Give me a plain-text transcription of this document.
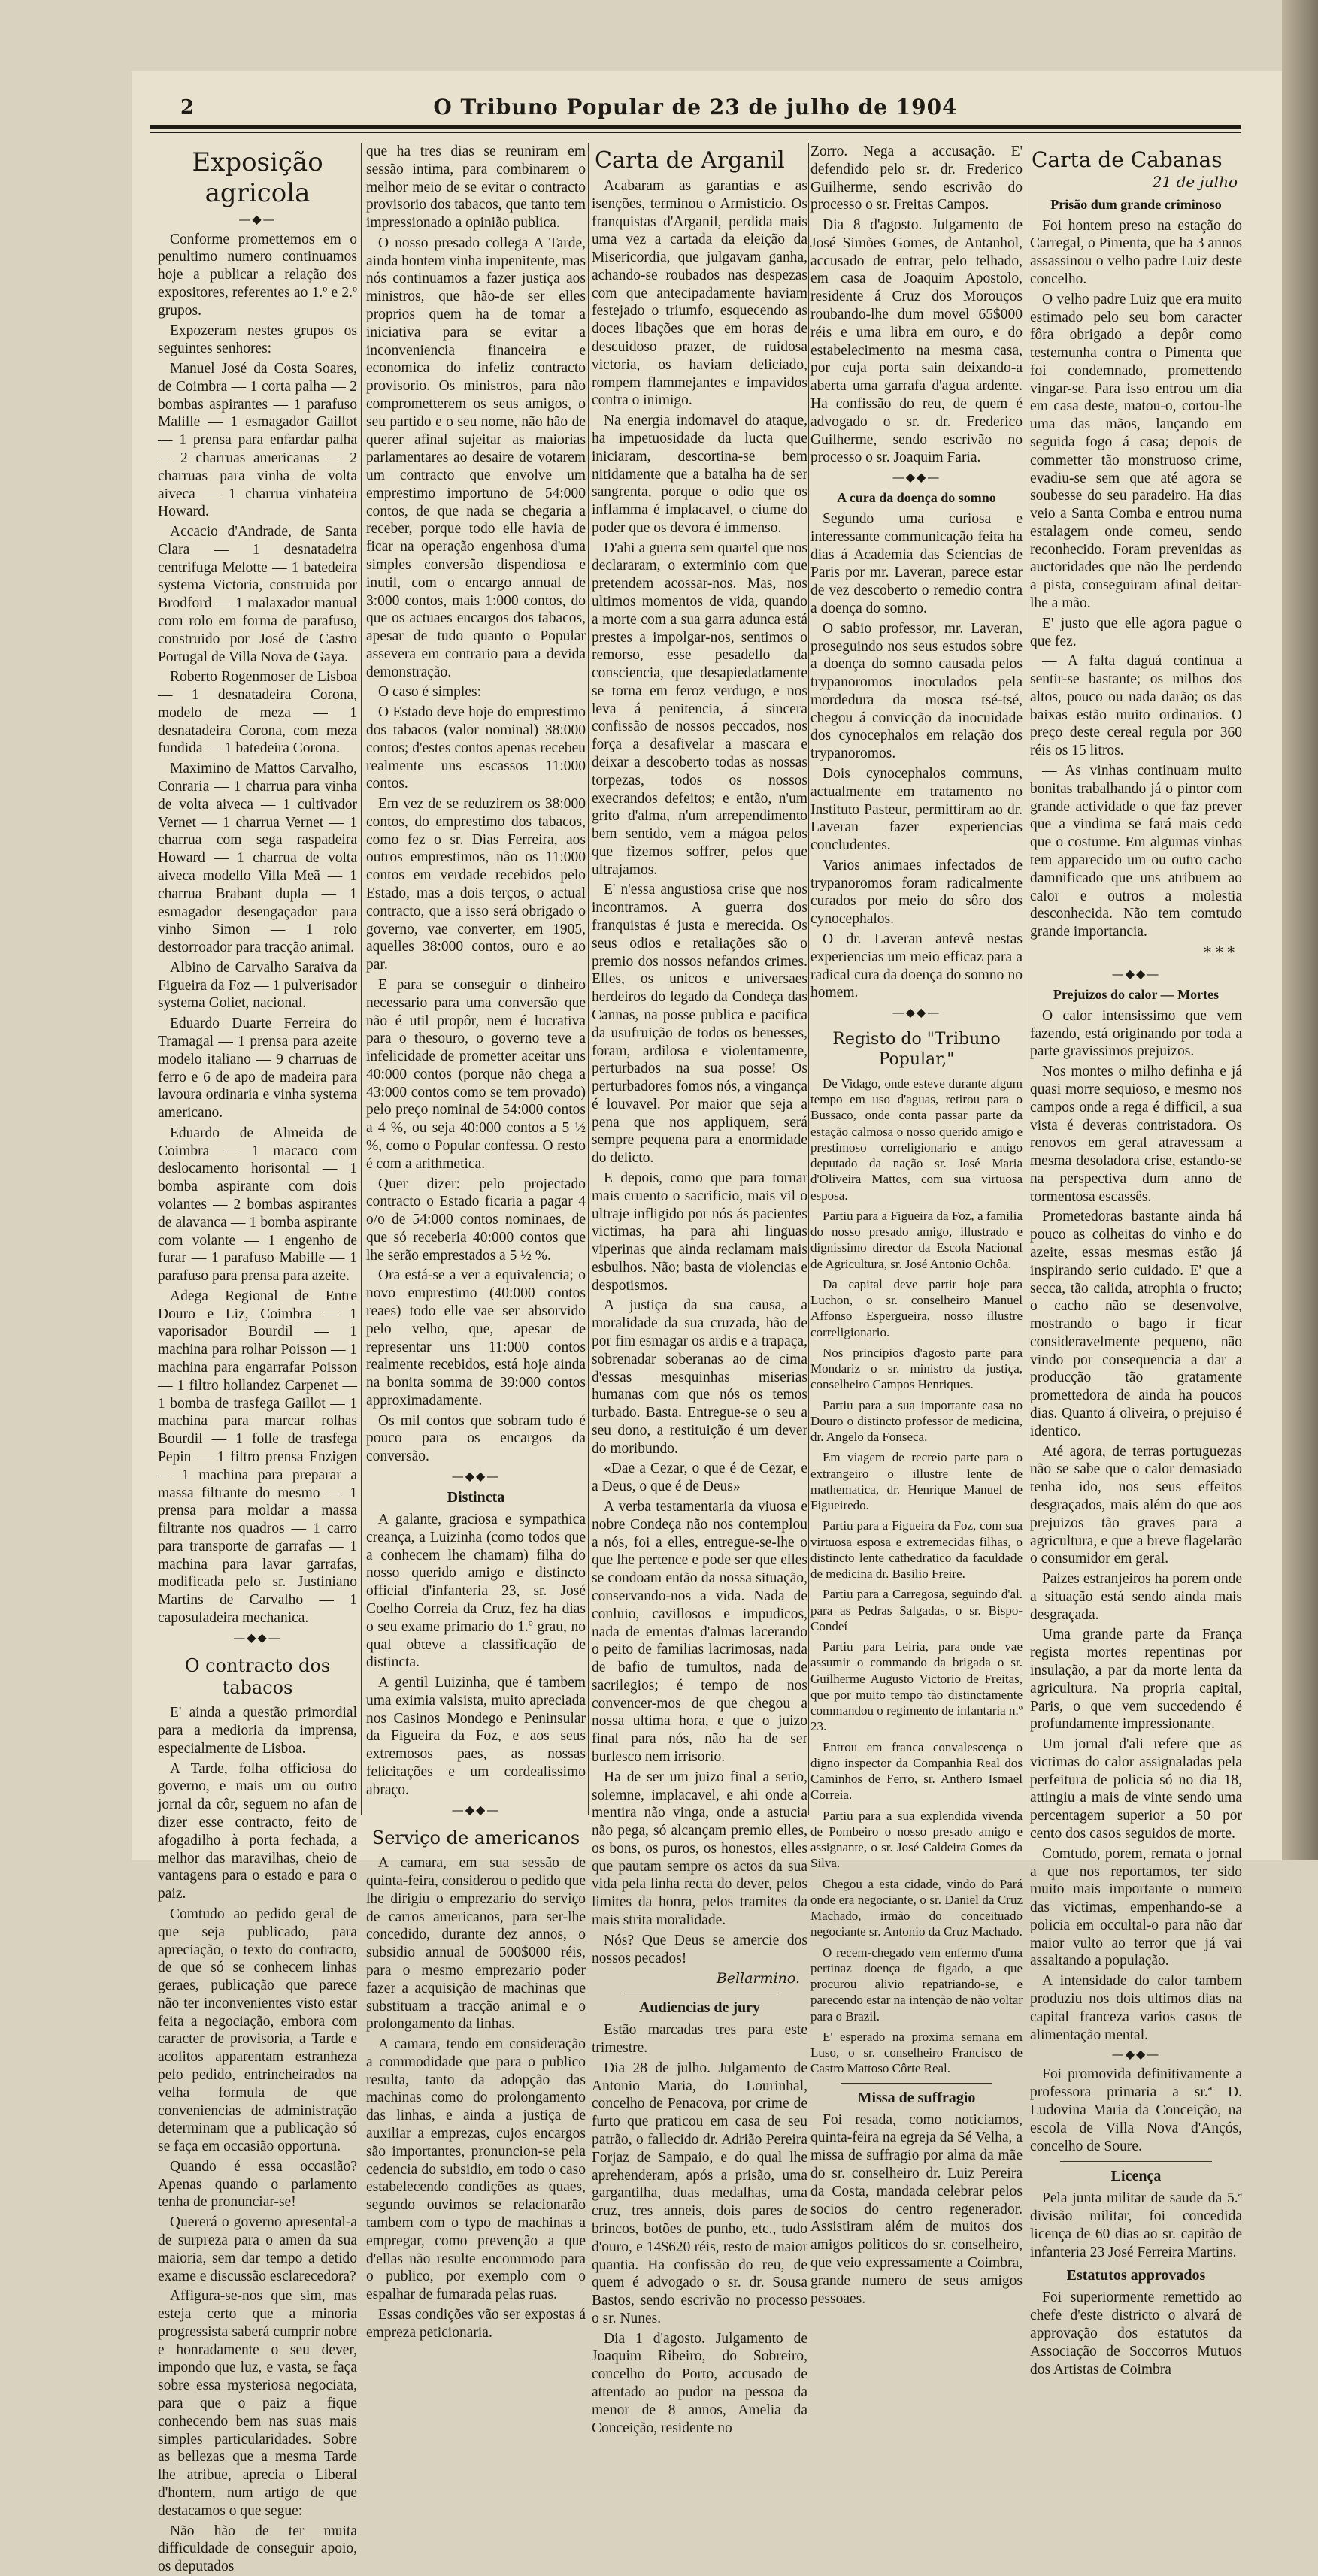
2	O Tribuno Popular de 23 de julho de 1904
Exposição agricola
—◆—

Conforme promettemos em o penultimo numero continuamos hoje a publicar a relação dos expositores, referentes ao 1.º e 2.º grupos.

Expozeram nestes grupos os seguintes senhores:

Manuel José da Costa Soares, de Coimbra — 1 corta palha — 2 bombas aspirantes — 1 parafuso Malille — 1 esmagador Gaillot — 1 prensa para enfardar palha — 2 charruas americanas — 2 charruas para vinha de volta aiveca — 1 charrua vinhateira Howard.

Accacio d'Andrade, de Santa Clara — 1 desnatadeira centrifuga Melotte — 1 batedeira systema Victoria, construida por Brodford — 1 malaxador manual com rolo em forma de parafuso, construido por José de Castro Portugal de Villa Nova de Gaya.

Roberto Rogenmoser de Lisboa — 1 desnatadeira Corona, modelo de meza — 1 desnatadeira Corona, com meza fundida — 1 batedeira Corona.

Maximino de Mattos Carvalho, Conraria — 1 charrua para vinha de volta aiveca — 1 cultivador Vernet — 1 charrua Vernet — 1 charrua com sega raspadeira Howard — 1 charrua de volta aiveca modello Villa Meã — 1 charrua Brabant dupla — 1 esmagador desengaçador para vinho Simon — 1 rolo destorroador para tracção animal.

Albino de Carvalho Saraiva da Figueira da Foz — 1 pulverisador systema Goliet, nacional.

Eduardo Duarte Ferreira do Tramagal — 1 prensa para azeite modelo italiano — 9 charruas de ferro e 6 de apo de madeira para lavoura ordinaria e vinha systema americano.

Eduardo de Almeida de Coimbra — 1 macaco com deslocamento horisontal — 1 bomba aspirante com dois volantes — 2 bombas aspirantes de alavanca — 1 bomba aspirante com volante — 1 engenho de furar — 1 parafuso Mabille — 1 parafuso para prensa para azeite.

Adega Regional de Entre Douro e Liz, Coimbra — 1 vaporisador Bourdil — 1 machina para rolhar Poisson — 1 machina para engarrafar Poisson — 1 filtro hollandez Carpenet — 1 bomba de trasfega Gaillot — 1 machina para marcar rolhas Bourdil — 1 folle de trasfega Pepin — 1 filtro prensa Enzigen — 1 machina para preparar a massa filtrante do mesmo — 1 prensa para moldar a massa filtrante nos quadros — 1 carro para transporte de garrafas — 1 machina para lavar garrafas, modificada pelo sr. Justiniano Martins de Carvalho — 1 caposuladeira mechanica.

—◆◆—
O contracto dos tabacos

E' ainda a questão primordial para a medioria da imprensa, especialmente de Lisboa.

A Tarde, folha officiosa do governo, e mais um ou outro jornal da côr, seguem no afan de dizer esse contracto, feito de afogadilho à porta fechada, a melhor das maravilhas, cheio de vantagens para o estado e para o paiz.

Comtudo ao pedido geral de que seja publicado, para apreciação, o texto do contracto, de que só se conhecem linhas geraes, publicação que parece não ter inconvenientes visto estar feita a negociação, embora com caracter de provisoria, a Tarde e acolitos apparentam estranheza pelo pedido, entrincheirados na velha formula de que conveniencias de administração determinam que a publicação só se faça em occasião opportuna.

Quando é essa occasião? Apenas quando o parlamento tenha de pronunciar-se!

Quererá o governo apresental-a de surpreza para o amen da sua maioria, sem dar tempo a detido exame e discussão esclarecedora?

Affigura-se-nos que sim, mas esteja certo que a minoria progressista saberá cumprir nobre e honradamente o seu dever, impondo que luz, e vasta, se faça sobre essa mysteriosa negociata, para que o paiz a fique conhecendo bem nas suas mais simples particularidades. Sobre as bellezas que a mesma Tarde lhe atribue, aprecia o Liberal d'hontem, num artigo de que destacamos o que segue:

Não hão de ter muita difficuldade de conseguir apoio, os deputados

que ha tres dias se reuniram em sessão intima, para combinarem o melhor meio de se evitar o contracto provisorio dos tabacos, que tanto tem impressionado a opinião publica.

O nosso presado collega A Tarde, ainda hontem vinha impenitente, mas nós continuamos a fazer justiça aos ministros, que hão-de ser elles proprios quem ha de tomar a iniciativa para se evitar a inconveniencia financeira e economica do infeliz contracto provisorio. Os ministros, para não comprometterem os seus amigos, o seu partido e o seu nome, não hão de querer afinal sujeitar as maiorias parlamentares ao desaire de votarem um contracto que envolve um emprestimo importuno de 54:000 contos, de que nada se chegaria a receber, porque todo elle havia de ficar na operação engenhosa d'uma simples conversão dispendiosa e inutil, com o encargo annual de 3:000 contos, mais 1:000 contos, do que os actuaes encargos dos tabacos, apesar de tudo quanto o Popular assevera em contrario para a devida demonstração.

O caso é simples:

O Estado deve hoje do emprestimo dos tabacos (valor nominal) 38:000 contos; d'estes contos apenas recebeu realmente uns escassos 11:000 contos.

Em vez de se reduzirem os 38:000 contos, do emprestimo dos tabacos, como fez o sr. Dias Ferreira, aos outros emprestimos, não os 11:000 contos em verdade recebidos pelo Estado, mas a dois terços, o actual contracto, que a isso será obrigado o governo, vae converter, em 1905, aquelles 38:000 contos, ouro e ao par.

E para se conseguir o dinheiro necessario para uma conversão que não é util propôr, nem é lucrativa para o thesouro, o governo teve a infelicidade de prometter aceitar uns 40:000 contos (porque não chega a 43:000 contos como se tem provado) pelo preço nominal de 54:000 contos a 4 %, ou seja 40:000 contos a 5 ½ %, como o Popular confessa. O resto é com a arithmetica.

Quer dizer: pelo projectado contracto o Estado ficaria a pagar 4 o/o de 54:000 contos nominaes, de que só receberia 40:000 contos que lhe serão emprestados a 5 ½ %.

Ora está-se a ver a equivalencia; o novo emprestimo (40:000 contos reaes) todo elle vae ser absorvido pelo velho, que, apesar de representar uns 11:000 contos realmente recebidos, está hoje ainda na bonita somma de 39:000 contos approximadamente.

Os mil contos que sobram tudo é pouco para os encargos da conversão.

—◆◆—
Distincta

A galante, graciosa e sympathica creança, a Luizinha (como todos que a conhecem lhe chamam) filha do nosso querido amigo e distincto official d'infanteria 23, sr. José Coelho Correia da Cruz, fez ha dias o seu exame primario do 1.º grau, no qual obteve a classificação de distincta.

A gentil Luizinha, que é tambem uma eximia valsista, muito apreciada nos Casinos Mondego e Peninsular da Figueira da Foz, e aos seus extremosos paes, as nossas felicitações e um cordealissimo abraço.

—◆◆—
Serviço de americanos

A camara, em sua sessão de quinta-feira, considerou o pedido que lhe dirigiu o emprezario do serviço de carros americanos, para ser-lhe concedido, durante dez annos, o subsidio annual de 500$000 réis, para o mesmo emprezario poder fazer a acquisição de machinas que substituam a tracção animal e o prolongamento da linhas.

A camara, tendo em consideração a commodidade que para o publico resulta, tanto da adopção das machinas como do prolongamento das linhas, e ainda a justiça de auxiliar a emprezas, cujos encargos são importantes, pronuncion-se pela cedencia do subsidio, em todo o caso estabelecendo condições as quaes, segundo ouvimos se relacionarão tambem com o typo de machinas a empregar, como prevenção a que d'ellas não resulte encommodo para o publico, por exemplo com o espalhar de fumarada pelas ruas.

Essas condições vão ser expostas á empreza peticionaria.

Carta de Arganil

Acabaram as garantias e as isenções, terminou o Armisticio. Os franquistas d'Arganil, perdida mais uma vez a cartada da eleição da Misericordia, que julgavam ganha, achando-se roubados nas despezas com que antecipadamente haviam festejado o triumfo, esquecendo as doces libações que em horas de descuidoso prazer, de ruidosa victoria, os haviam deliciado, rompem flammejantes e impavidos contra o inimigo.

Na energia indomavel do ataque, ha impetuosidade da lucta que iniciaram, descortina-se bem nitidamente que a batalha ha de ser sangrenta, porque o odio que os inflamma é implacavel, o ciume do poder que os devora é immenso.

D'ahi a guerra sem quartel que nos declararam, o exterminio com que pretendem acossar-nos. Mas, nos ultimos momentos de vida, quando a morte com a sua garra adunca está prestes a impolgar-nos, sentimos o remorso, esse pesadello da consciencia, que desapiedadamente se torna em feroz verdugo, e nos leva á penitencia, á sincera confissão de nossos peccados, nos força a desafivelar a mascara e deixar a descoberto todas as nossas torpezas, todos os nossos execrandos defeitos; e então, n'um grito d'alma, n'um arrependimento bem sentido, vem a mágoa pelos que fizemos soffrer, pelos que ultrajamos.

E' n'essa angustiosa crise que nos incontramos. A guerra dos franquistas é justa e merecida. Os seus odios e retaliações são o premio dos nossos nefandos crimes. Elles, os unicos e universaes herdeiros do legado da Condeça das Cannas, na posse publica e pacifica da usufruição de todos os benesses, foram, ardilosa e violentamente, perturbados na sua posse! Os perturbadores fomos nós, a vingança é louvavel. Por maior que seja a pena que nos appliquem, será sempre pequena para a enormidade do delicto.

E depois, como que para tornar mais cruento o sacrificio, mais vil o ultraje infligido por nós ás pacientes victimas, ha para ahi linguas viperinas que ainda reclamam mais esbulhos. Não; basta de violencias e despotismos.

A justiça da sua causa, a moralidade da sua cruzada, hão de por fim esmagar os ardis e a trapaça, sobrenadar soberanas ao de cima d'essas mesquinhas miserias humanas com que nós os temos turbado. Basta. Entregue-se o seu a seu dono, a restituição é um dever do moribundo.

«Dae a Cezar, o que é de Cezar, e a Deus, o que é de Deus»

A verba testamentaria da viuosa e nobre Condeça não nos contemplou a nós, foi a elles, entregue-se-lhe o que lhe pertence e pode ser que elles se condoam então da nossa situação, conservando-nos a vida. Nada de conluio, cavillosos e impudicos, nada de ementas d'almas lacerando o peito de familias lacrimosas, nada de bafio de tumultos, nada de sacrilegios; é tempo de nos convencer-mos de que chegou a nossa ultima hora, e que o juizo final para nós, não ha de ser burlesco nem irrisorio.

Ha de ser um juizo final a serio, solemne, implacavel, e ahi onde a mentira não vinga, onde a astucia não pega, só alcançam premio elles, os bons, os puros, os honestos, elles que pautam sempre os actos da sua vida pela linha recta do dever, pelos limites da honra, pelos tramites da mais strita moralidade.

Nós? Que Deus se amercie dos nossos pecados!

Bellarmino.
Audiencias de jury

Estão marcadas tres para este trimestre.

Dia 28 de julho. Julgamento de Antonio Maria, do Lourinhal, concelho de Penacova, por crime de furto que praticou em casa de seu patrão, o fallecido dr. Adrião Pereira Forjaz de Sampaio, e do qual lhe aprehenderam, após a prisão, uma gargantilha, duas medalhas, uma cruz, tres anneis, dois pares de brincos, botões de punho, etc., tudo d'ouro, e 14$620 réis, resto de maior quantia. Ha confissão do reu, de quem é advogado o sr. dr. Sousa Bastos, sendo escrivão no processo o sr. Nunes.

Dia 1 d'agosto. Julgamento de Joaquim Ribeiro, do Sobreiro, concelho do Porto, accusado de attentado ao pudor na pessoa da menor de 8 annos, Amelia da Conceição, residente no

Zorro. Nega a accusação. E' defendido pelo sr. dr. Frederico Guilherme, sendo escrivão do processo o sr. Freitas Campos.

Dia 8 d'agosto. Julgamento de José Simões Gomes, de Antanhol, accusado de entrar, pelo telhado, em casa de Joaquim Apostolo, residente á Cruz dos Morouços roubando-lhe dum movel 65$000 réis e uma libra em ouro, e do estabelecimento na mesma casa, por cuja porta sain deixando-a aberta uma garrafa d'agua ardente. Ha confissão do reu, de quem é advogado o sr. dr. Frederico Guilherme, sendo escrivão no processo o sr. Joaquim Faria.

—◆◆—
A cura da doença do somno

Segundo uma curiosa e interessante communicação feita ha dias á Academia das Sciencias de Paris por mr. Laveran, parece estar de vez descoberto o remedio contra a doença do somno.

O sabio professor, mr. Laveran, proseguindo nos seus estudos sobre a doença do somno causada pelos trypanoromos inoculados pela mordedura da mosca tsé-tsé, chegou á convicção da inocuidade dos cynocephalos em relação dos trypanoromos.

Dois cynocephalos communs, actualmente em tratamento no Instituto Pasteur, permittiram ao dr. Laveran fazer experiencias concludentes.

Varios animaes infectados de trypanoromos foram radicalmente curados por meio do sôro dos cynocephalos.

O dr. Laveran antevê nestas experiencias um meio efficaz para a radical cura da doença do somno no homem.

—◆◆—
Registo do "Tribuno Popular,"

De Vidago, onde esteve durante algum tempo em uso d'aguas, retirou para o Bussaco, onde conta passar parte da estação calmosa o nosso querido amigo e prestimoso correligionario e antigo deputado da nação sr. José Maria d'Oliveira Mattos, com sua virtuosa esposa.

Partiu para a Figueira da Foz, a familia do nosso presado amigo, illustrado e dignissimo director da Escola Nacional de Agricultura, sr. José Antonio Ochôa.

Da capital deve partir hoje para Luchon, o sr. conselheiro Manuel Affonso Espergueira, nosso illustre correligionario.

Nos principios d'agosto parte para Mondariz o sr. ministro da justiça, conselheiro Campos Henriques.

Partiu para a sua importante casa no Douro o distincto professor de medicina, dr. Angelo da Fonseca.

Em viagem de recreio parte para o extrangeiro o illustre lente de mathematica, dr. Henrique Manuel de Figueiredo.

Partiu para a Figueira da Foz, com sua virtuosa esposa e extremecidas filhas, o distincto lente cathedratico da faculdade de medicina dr. Basilio Freire.

Partiu para a Carregosa, seguindo d'al. para as Pedras Salgadas, o sr. Bispo-Condeí

Partiu para Leiria, para onde vae assumir o commando da brigada o sr. Guilherme Augusto Victorio de Freitas, que por muito tempo tão distinctamente commandou o regimento de infantaria n.º 23.

Entrou em franca convalescença o digno inspector da Companhia Real dos Caminhos de Ferro, sr. Anthero Ismael Correia.

Partiu para a sua explendida vivenda de Pombeiro o nosso presado amigo e assignante, o sr. José Caldeira Gomes da Silva.

Chegou a esta cidade, vindo do Pará onde era negociante, o sr. Daniel da Cruz Machado, irmão do conceituado negociante sr. Antonio da Cruz Machado.

O recem-chegado vem enfermo d'uma pertinaz doença de figado, a que procurou alivio repatriando-se, e parecendo estar na intenção de não voltar para o Brazil.

E' esperado na proxima semana em Luso, o sr. conselheiro Francisco de Castro Mattoso Côrte Real.

Missa de suffragio

Foi resada, como noticiamos, quinta-feira na egreja da Sé Velha, a missa de suffragio por alma da mãe do sr. conselheiro dr. Luiz Pereira da Costa, mandada celebrar pelos socios do centro regenerador. Assistiram além de muitos dos amigos politicos do sr. conselheiro, que veio expressamente a Coimbra, grande numero de seus amigos pessoaes.

Carta de Cabanas
21 de julho
Prisão dum grande criminoso

Foi hontem preso na estação do Carregal, o Pimenta, que ha 3 annos assassinou o velho padre Luiz deste concelho.

O velho padre Luiz que era muito estimado pelo seu bom caracter fôra obrigado a depôr como testemunha contra o Pimenta que foi condemnado, promettendo vingar-se. Para isso entrou um dia em casa deste, matou-o, cortou-lhe uma das mãos, lançando em seguida fogo á casa; depois de commetter tão monstruoso crime, evadiu-se sem que até agora se soubesse do seu paradeiro. Ha dias veio a Santa Comba e entrou numa estalagem onde comeu, sendo reconhecido. Foram prevenidas as auctoridades que não lhe perdendo a pista, conseguiram afinal deitar-lhe a mão.

E' justo que elle agora pague o que fez.

— A falta daguá continua a sentir-se bastante; os milhos dos altos, pouco ou nada darão; os das baixas estão muito ordinarios. O preço deste cereal regula por 360 réis os 15 litros.

— As vinhas continuam muito bonitas trabalhando já o pintor com grande actividade o que faz prever que a vindima se fará mais cedo que o costume. Em algumas vinhas tem apparecido um ou outro cacho damnificado que uns atribuem ao calor e outros a molestia desconhecida. Não tem comtudo grande importancia.

* * *
—◆◆—
Prejuizos do calor — Mortes

O calor intensissimo que vem fazendo, está originando por toda a parte gravissimos prejuizos.

Nos montes o milho definha e já quasi morre sequioso, e mesmo nos campos onde a rega é difficil, a sua vista é deveras contristadora. Os renovos em geral atravessam a mesma desoladora crise, estando-se na perspectiva dum anno de tormentosa escassês.

Prometedoras bastante ainda há pouco as colheitas do vinho e do azeite, essas mesmas estão já inspirando serio cuidado. E' que a secca, tão calida, atrophia o fructo; o cacho não se desenvolve, mostrando o bago ir ficar consideravelmente pequeno, não vindo por consequencia a dar a producção tão gratamente promettedora de ainda ha poucos dias. Quanto á oliveira, o prejuiso é identico.

Até agora, de terras portuguezas não se sabe que o calor demasiado tenha ido, nos seus effeitos desgraçados, mais além do que aos prejuizos tão graves para a agricultura, e que a breve flagelarão o consumidor em geral.

Paizes estranjeiros ha porem onde a situação está sendo ainda mais desgraçada.

Uma grande parte da França regista mortes repentinas por insulação, a par da morte lenta da agricultura. Na propria capital, Paris, o que vem succedendo é profundamente impressionante.

Um jornal d'ali refere que as victimas do calor assignaladas pela perfeitura de policia só no dia 18, attingiu a mais de vinte sendo uma percentagem superior a 50 por cento dos casos seguidos de morte.

Comtudo, porem, remata o jornal a que nos reportamos, ter sido muito mais importante o numero das victimas, empenhando-se a policia em occultal-o para não dar maior vulto ao terror que já vai assaltando a população.

A intensidade do calor tambem produziu nos dois ultimos dias na capital franceza varios casos de alimentação mental.

—◆◆—

Foi promovida definitivamente a professora primaria a sr.ª D. Ludovina Maria da Conceição, na escola de Villa Nova d'Ançós, concelho de Soure.

Licença

Pela junta militar de saude da 5.ª divisão militar, foi concedida licença de 60 dias ao sr. capitão de infanteria 23 José Ferreira Martins.

Estatutos approvados

Foi superiormente remettido ao chefe d'este districto o alvará de approvação dos estatutos da Associação de Soccorros Mutuos dos Artistas de Coimbra
